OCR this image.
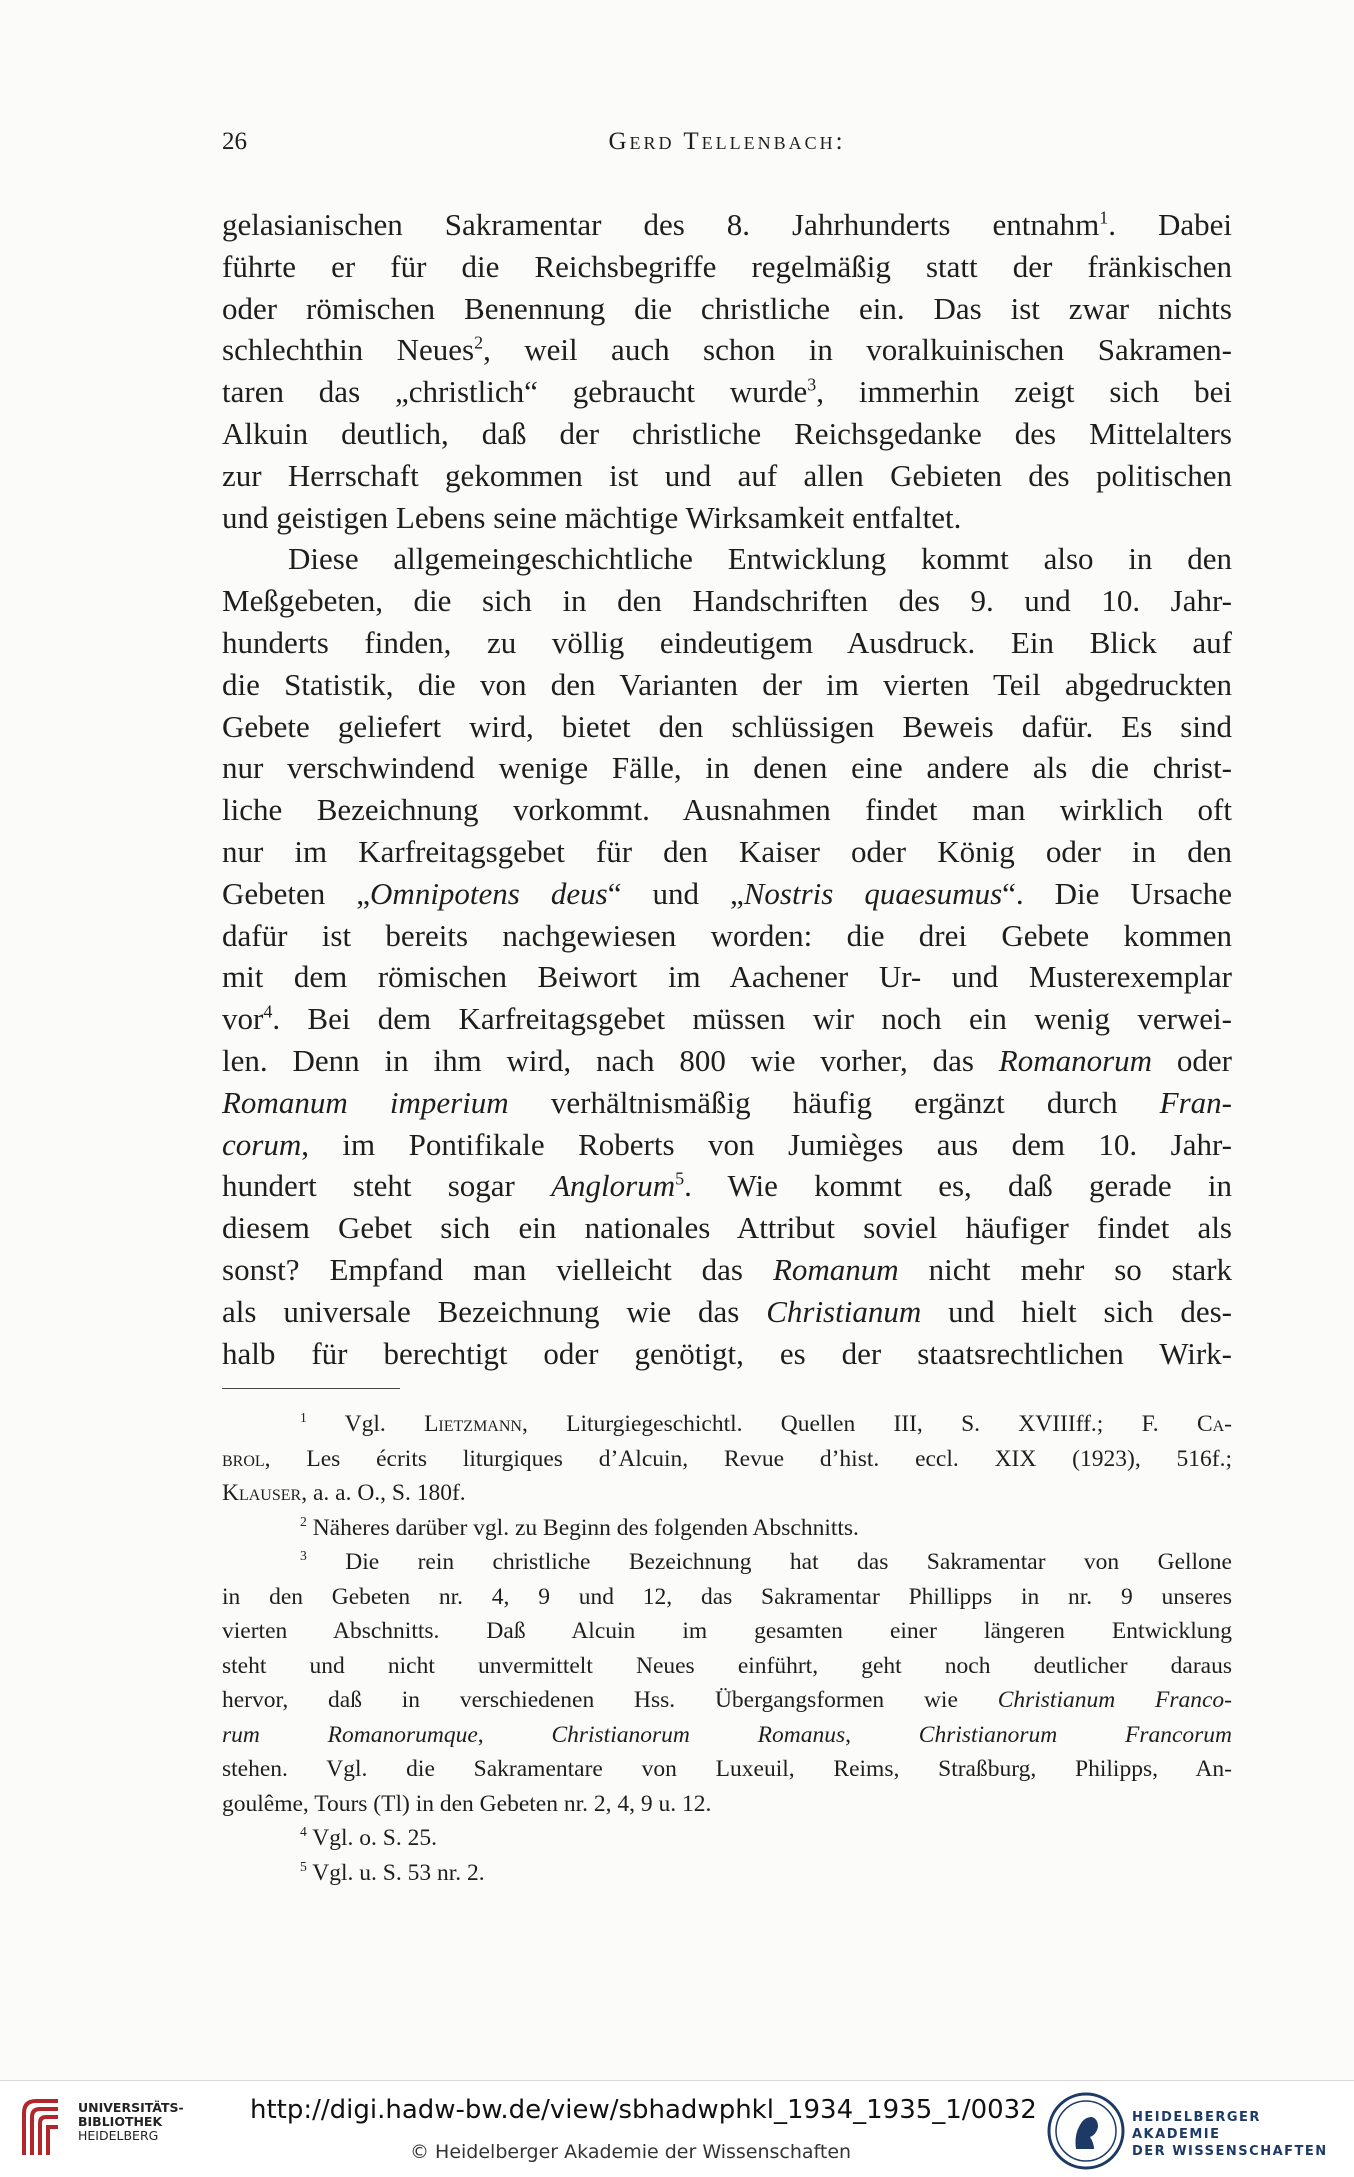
26	Gerd Tellenbach:
gelasianischen Sakramentar des 8. Jahrhunderts entnahm$^1$. Dabei
führte er für die Reichsbegriffe regelmäßig statt der fränkischen
oder römischen Benennung die christliche ein. Das ist zwar nichts
schlechthin Neues$^2$, weil auch schon in voralkuinischen Sakramen-
taren das „christlich“ gebraucht wurde$^3$, immerhin zeigt sich bei
Alkuin deutlich, daß der christliche Reichsgedanke des Mittelalters
zur Herrschaft gekommen ist und auf allen Gebieten des politischen
und geistigen Lebens seine mächtige Wirksamkeit entfaltet.
Diese allgemeingeschichtliche Entwicklung kommt also in den
Meßgebeten, die sich in den Handschriften des 9. und 10. Jahr-
hunderts finden, zu völlig eindeutigem Ausdruck. Ein Blick auf
die Statistik, die von den Varianten der im vierten Teil abgedruckten
Gebete geliefert wird, bietet den schlüssigen Beweis dafür. Es sind
nur verschwindend wenige Fälle, in denen eine andere als die christ-
liche Bezeichnung vorkommt. Ausnahmen findet man wirklich oft
nur im Karfreitagsgebet für den Kaiser oder König oder in den
Gebeten „Omnipotens deus“ und „Nostris quaesumus“. Die Ursache
dafür ist bereits nachgewiesen worden: die drei Gebete kommen
mit dem römischen Beiwort im Aachener Ur- und Musterexemplar
vor$^4$. Bei dem Karfreitagsgebet müssen wir noch ein wenig verwei-
len. Denn in ihm wird, nach 800 wie vorher, das Romanorum oder
Romanum imperium verhältnismäßig häufig ergänzt durch Fran-
corum, im Pontifikale Roberts von Jumièges aus dem 10. Jahr-
hundert steht sogar Anglorum$^5$. Wie kommt es, daß gerade in
diesem Gebet sich ein nationales Attribut soviel häufiger findet als
sonst? Empfand man vielleicht das Romanum nicht mehr so stark
als universale Bezeichnung wie das Christianum und hielt sich des-
halb für berechtigt oder genötigt, es der staatsrechtlichen Wirk-
$^1$ Vgl. Lietzmann, Liturgiegeschichtl. Quellen III, S. XVIIIff.; F. Ca-
brol, Les écrits liturgiques d’Alcuin, Revue d’hist. eccl. XIX (1923), 516f.;
Klauser, a. a. O., S. 180f.
$^2$ Näheres darüber vgl. zu Beginn des folgenden Abschnitts.
$^3$ Die rein christliche Bezeichnung hat das Sakramentar von Gellone
in den Gebeten nr. 4, 9 und 12, das Sakramentar Phillipps in nr. 9 unseres
vierten Abschnitts. Daß Alcuin im gesamten einer längeren Entwicklung
steht und nicht unvermittelt Neues einführt, geht noch deutlicher daraus
hervor, daß in verschiedenen Hss. Übergangsformen wie Christianum Franco-
rum Romanorumque, Christianorum Romanus, Christianorum Francorum
stehen. Vgl. die Sakramentare von Luxeuil, Reims, Straßburg, Philipps, An-
goulême, Tours (Tl) in den Gebeten nr. 2, 4, 9 u. 12.
$^4$ Vgl. o. S. 25.
$^5$ Vgl. u. S. 53 nr. 2.
UNIVERSITÄTS-
BIBLIOTHEK
HEIDELBERG
http://digi.hadw-bw.de/view/sbhadwphkl_1934_1935_1/0032
© Heidelberger Akademie der Wissenschaften
HEIDELBERGER AKADEMIE
DER WISSENSCHAFTEN
